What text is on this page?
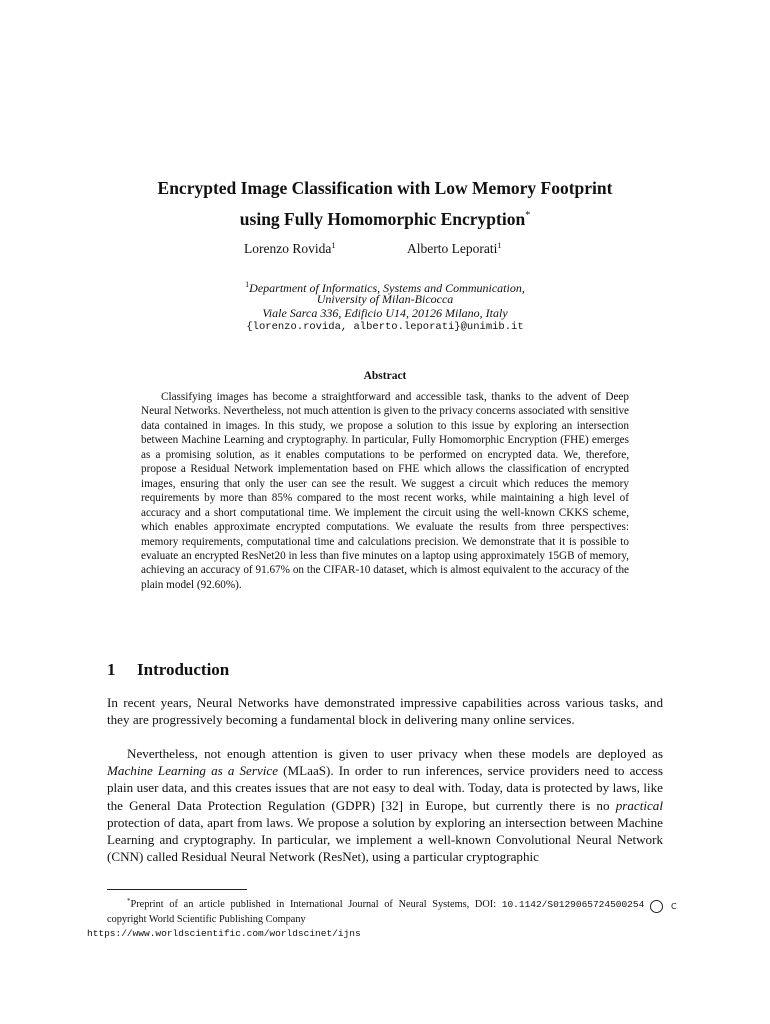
Encrypted Image Classification with Low Memory Footprint
using Fully Homomorphic Encryption*
Lorenzo Rovida$^1$	Alberto Leporati$^1$
$^1$Department of Informatics, Systems and Communication,
University of Milan-Bicocca
Viale Sarca 336, Edificio U14, 20126 Milano, Italy
{lorenzo.rovida, alberto.leporati}@unimib.it
Abstract

Classifying images has become a straightforward and accessible task, thanks to the advent of Deep Neural Networks. Nevertheless, not much attention is given to the privacy concerns associated with sensitive data contained in images. In this study, we propose a solution to this issue by exploring an intersection between Machine Learning and cryptography. In particular, Fully Homomorphic Encryption (FHE) emerges as a promising solution, as it enables computations to be performed on encrypted data. We, therefore, propose a Residual Network implementation based on FHE which allows the classification of encrypted images, ensuring that only the user can see the result. We suggest a circuit which reduces the memory requirements by more than 85% compared to the most recent works, while maintaining a high level of accuracy and a short computational time. We implement the circuit using the well-known CKKS scheme, which enables approximate encrypted computations. We evaluate the results from three perspectives: memory requirements, computational time and calculations precision. We demonstrate that it is possible to evaluate an encrypted ResNet20 in less than five minutes on a laptop using approximately 15GB of memory, achieving an accuracy of 91.67% on the CIFAR-10 dataset, which is almost equivalent to the accuracy of the plain model (92.60%).

1 Introduction

In recent years, Neural Networks have demonstrated impressive capabilities across various tasks, and they are progressively becoming a fundamental block in delivering many online services.

Nevertheless, not enough attention is given to user privacy when these models are deployed as Machine Learning as a Service (MLaaS). In order to run inferences, service providers need to access plain user data, and this creates issues that are not easy to deal with. Today, data is protected by laws, like the General Data Protection Regulation (GDPR) [32] in Europe, but currently there is no practical protection of data, apart from laws. We propose a solution by exploring an intersection between Machine Learning and cryptography. In particular, we implement a well-known Convolutional Neural Network (CNN) called Residual Neural Network (ResNet), using a particular cryptographic

*Preprint of an article published in International Journal of Neural Systems, DOI: 10.1142/S0129065724500254	C copyright World Scientific Publishing Company
https://www.worldscientific.com/worldscinet/ijns
